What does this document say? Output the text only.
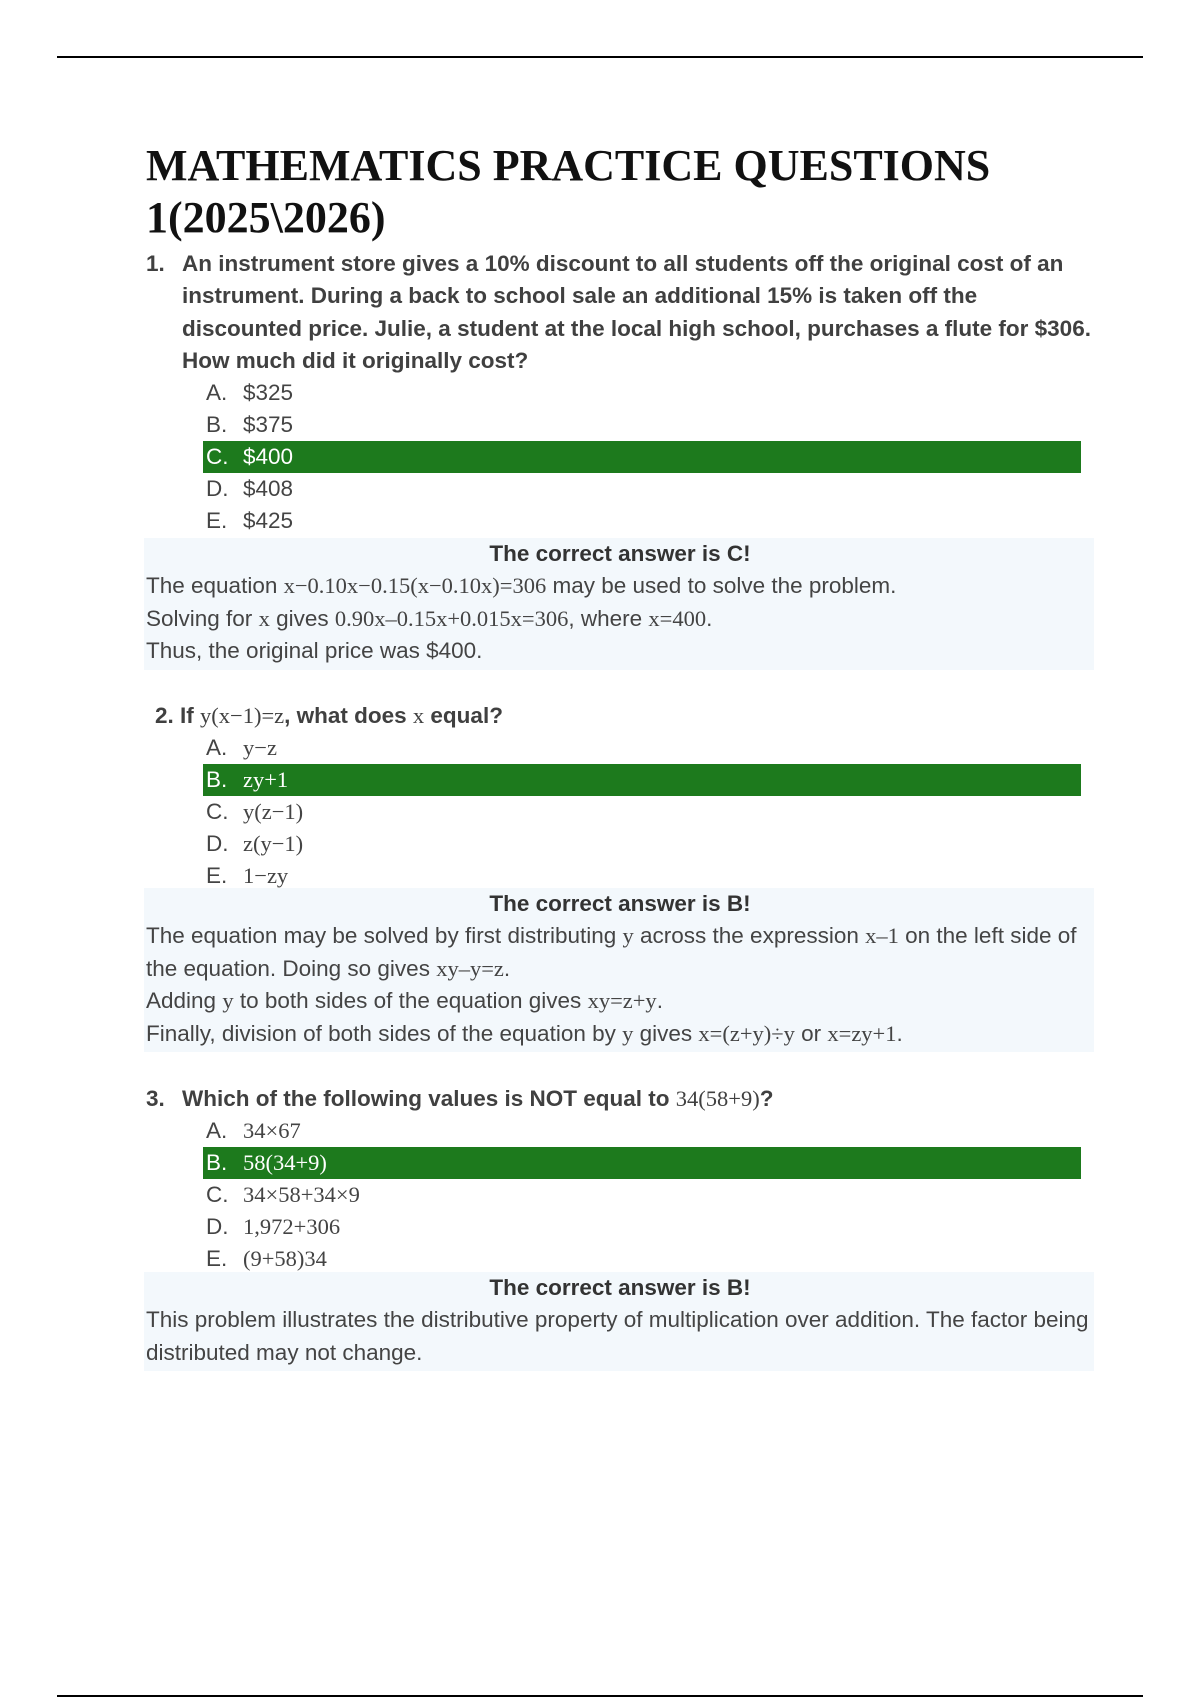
MATHEMATICS PRACTICE QUESTIONS 1(2025\2026)
1. An instrument store gives a 10% discount to all students off the original cost of an instrument. During a back to school sale an additional 15% is taken off the discounted price. Julie, a student at the local high school, purchases a flute for $306. How much did it originally cost?
A. $325
B. $375
C. $400
D. $408
E. $425
The correct answer is C!
The equation x−0.10x−0.15(x−0.10x)=306 may be used to solve the problem.
Solving for x gives 0.90x–0.15x+0.015x=306, where x=400.
Thus, the original price was $400.
2. If y(x−1)=z, what does x equal?
A. y−z
B. zy+1
C. y(z−1)
D. z(y−1)
E. 1−zy
The correct answer is B!
The equation may be solved by first distributing y across the expression x–1 on the left side of the equation. Doing so gives xy–y=z.
Adding y to both sides of the equation gives xy=z+y.
Finally, division of both sides of the equation by y gives x=(z+y)÷y or x=zy+1.
3. Which of the following values is NOT equal to 34(58+9)?
A. 34×67
B. 58(34+9)
C. 34×58+34×9
D. 1,972+306
E. (9+58)34
The correct answer is B!
This problem illustrates the distributive property of multiplication over addition. The factor being distributed may not change.
